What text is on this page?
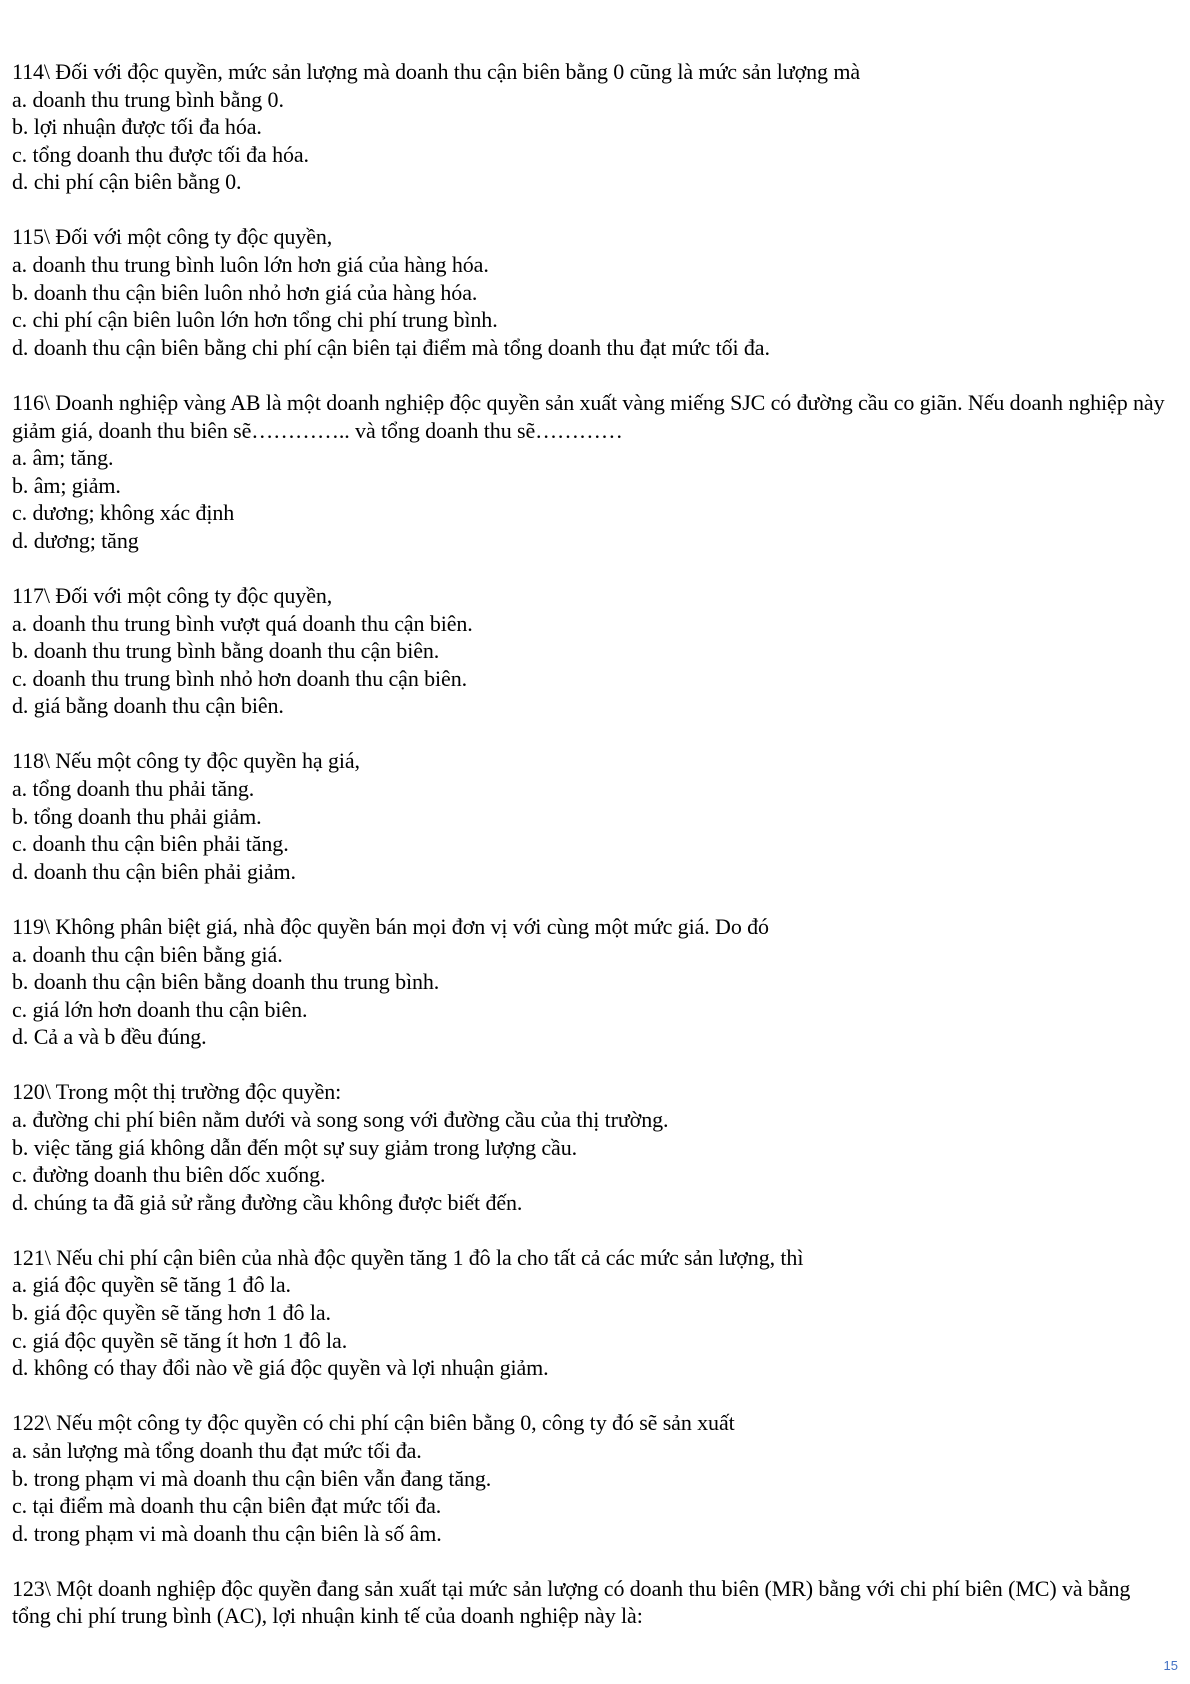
114\ Đối với độc quyền, mức sản lượng mà doanh thu cận biên bằng 0 cũng là mức sản lượng mà
a. doanh thu trung bình bằng 0.
b. lợi nhuận được tối đa hóa.
c. tổng doanh thu được tối đa hóa.
d. chi phí cận biên bằng 0.
115\ Đối với một công ty độc quyền,
a. doanh thu trung bình luôn lớn hơn giá của hàng hóa.
b. doanh thu cận biên luôn nhỏ hơn giá của hàng hóa.
c. chi phí cận biên luôn lớn hơn tổng chi phí trung bình.
d. doanh thu cận biên bằng chi phí cận biên tại điểm mà tổng doanh thu đạt mức tối đa.
116\ Doanh nghiệp vàng AB là một doanh nghiệp độc quyền sản xuất vàng miếng SJC có đường cầu co giãn. Nếu doanh nghiệp này giảm giá, doanh thu biên sẽ………….. và tổng doanh thu sẽ…………
a. âm; tăng.
b. âm; giảm.
c. dương; không xác định
d. dương; tăng
117\ Đối với một công ty độc quyền,
a. doanh thu trung bình vượt quá doanh thu cận biên.
b. doanh thu trung bình bằng doanh thu cận biên.
c. doanh thu trung bình nhỏ hơn doanh thu cận biên.
d. giá bằng doanh thu cận biên.
118\ Nếu một công ty độc quyền hạ giá,
a. tổng doanh thu phải tăng.
b. tổng doanh thu phải giảm.
c. doanh thu cận biên phải tăng.
d. doanh thu cận biên phải giảm.
119\ Không phân biệt giá, nhà độc quyền bán mọi đơn vị với cùng một mức giá. Do đó
a. doanh thu cận biên bằng giá.
b. doanh thu cận biên bằng doanh thu trung bình.
c. giá lớn hơn doanh thu cận biên.
d. Cả a và b đều đúng.
120\ Trong một thị trường độc quyền:
a. đường chi phí biên nằm dưới và song song với đường cầu của thị trường.
b. việc tăng giá không dẫn đến một sự suy giảm trong lượng cầu.
c. đường doanh thu biên dốc xuống.
d. chúng ta đã giả sử rằng đường cầu không được biết đến.
121\ Nếu chi phí cận biên của nhà độc quyền tăng 1 đô la cho tất cả các mức sản lượng, thì
a. giá độc quyền sẽ tăng 1 đô la.
b. giá độc quyền sẽ tăng hơn 1 đô la.
c. giá độc quyền sẽ tăng ít hơn 1 đô la.
d. không có thay đổi nào về giá độc quyền và lợi nhuận giảm.
122\ Nếu một công ty độc quyền có chi phí cận biên bằng 0, công ty đó sẽ sản xuất
a. sản lượng mà tổng doanh thu đạt mức tối đa.
b. trong phạm vi mà doanh thu cận biên vẫn đang tăng.
c. tại điểm mà doanh thu cận biên đạt mức tối đa.
d. trong phạm vi mà doanh thu cận biên là số âm.
123\ Một doanh nghiệp độc quyền đang sản xuất tại mức sản lượng có doanh thu biên (MR) bằng với chi phí biên (MC) và bằng tổng chi phí trung bình (AC), lợi nhuận kinh tế của doanh nghiệp này là:
15
